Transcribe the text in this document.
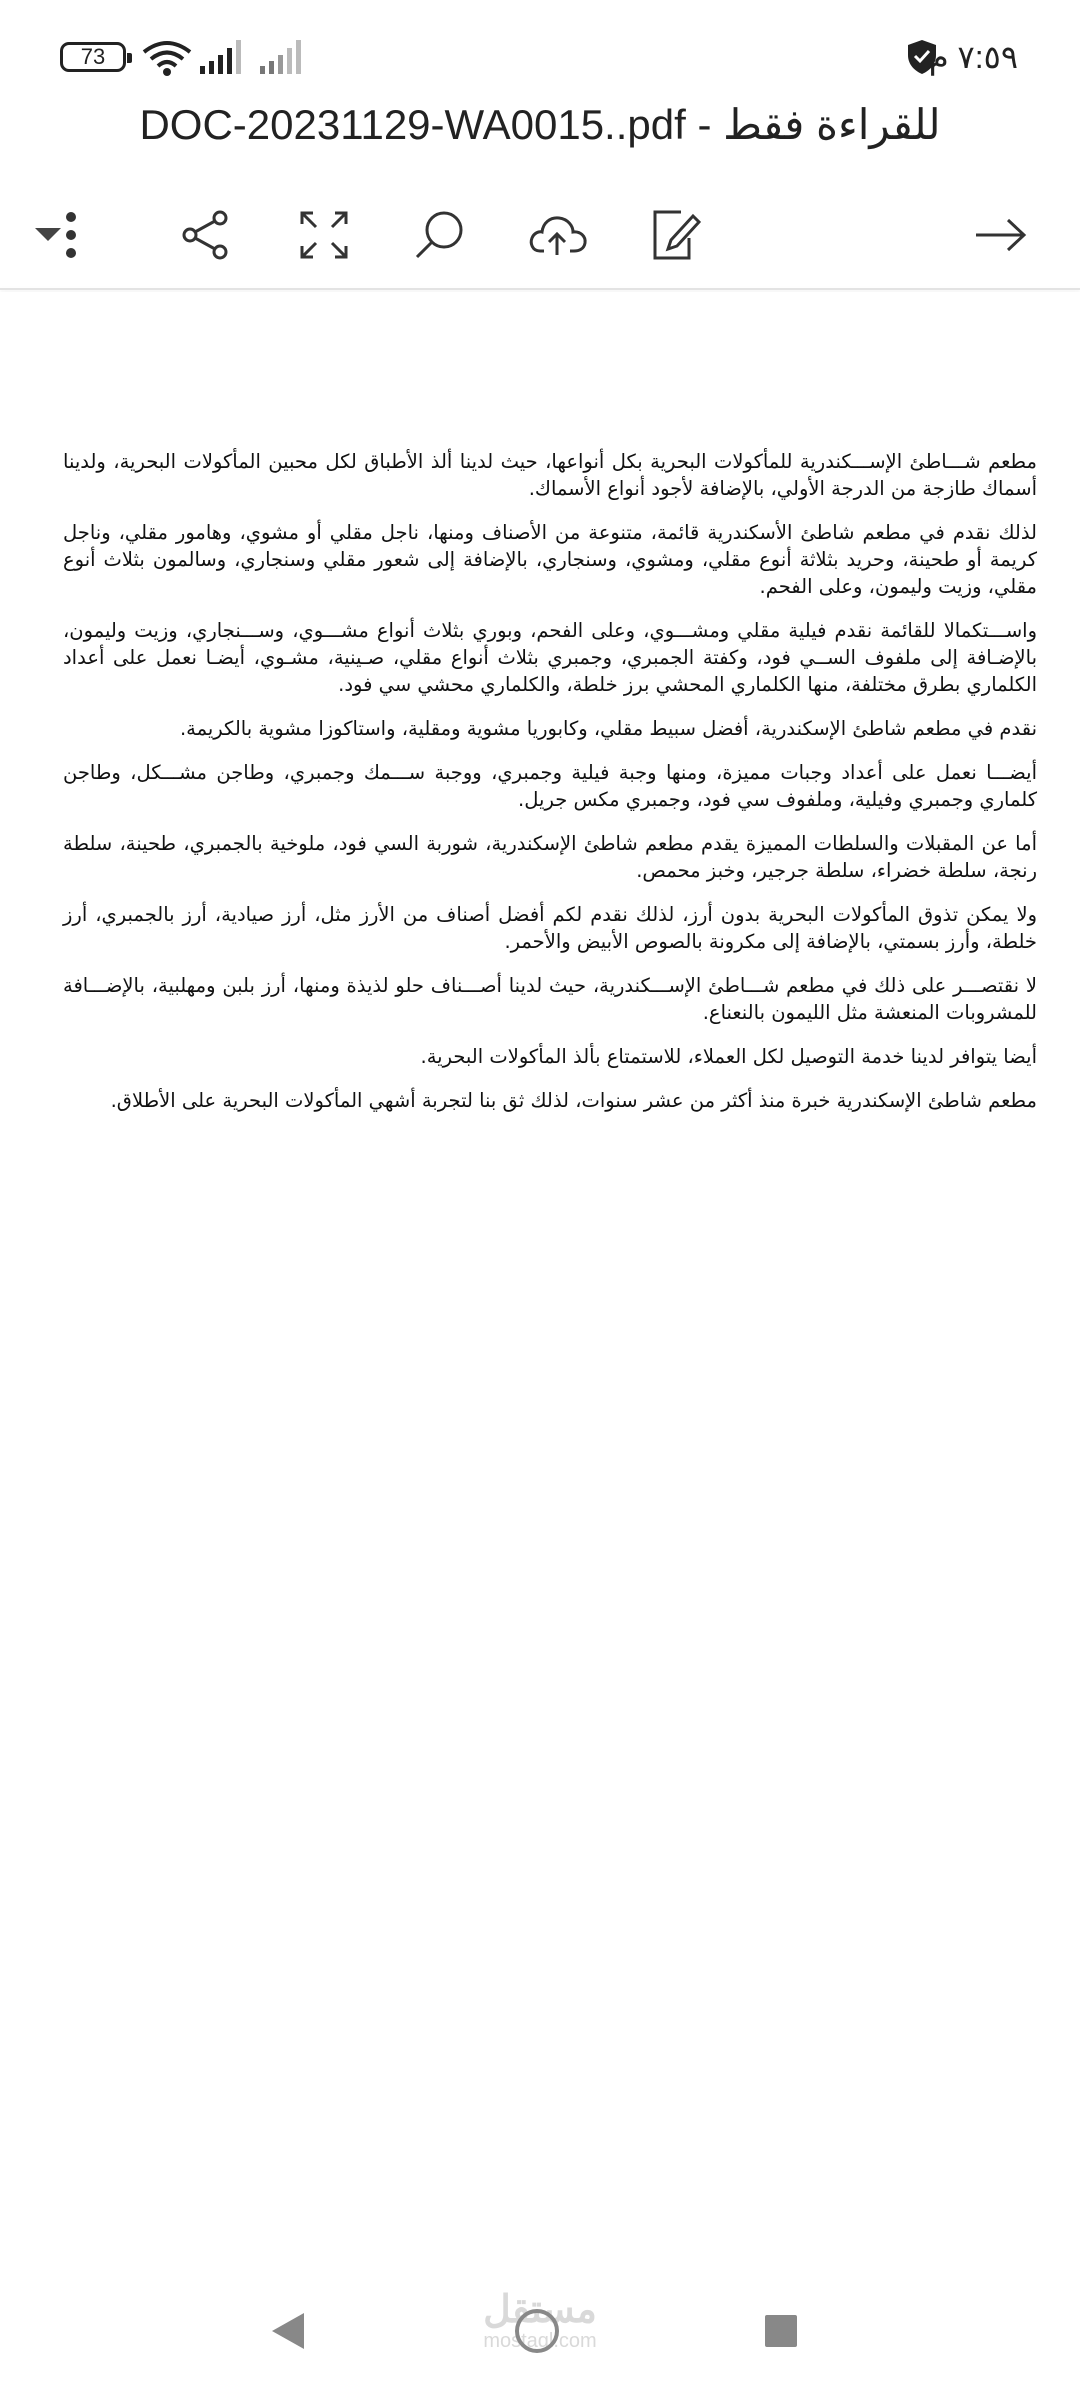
73	٧:٥٩ م
DOC-20231129-WA0015..pdf - للقراءة فقط

مطعم شـــاطئ الإســـكندرية للمأكولات البحرية بكل أنواعها، حيث لدينا ألذ الأطباق لكل محبين المأكولات البحرية، ولدينا أسماك طازجة من الدرجة الأولي، بالإضافة لأجود أنواع الأسماك.

لذلك نقدم في مطعم شاطئ الأسكندرية قائمة، متنوعة من الأصناف ومنها، ناجل مقلي أو مشوي، وهامور مقلي، وناجل كريمة أو طحينة، وحريد بثلاثة أنوع مقلي، ومشوي، وسنجاري، بالإضافة إلى شعور مقلي وسنجاري، وسالمون بثلاث أنوع مقلي، وزيت وليمون، وعلى الفحم.

واســـتكمالا للقائمة نقدم فيلية مقلي ومشـــوي، وعلى الفحم، وبوري بثلاث أنواع مشـــوي، وســـنجاري، وزيت وليمون، بالإضـافة إلى ملفوف الســي فود، وكفتة الجمبري، وجمبري بثلاث أنواع مقلي، صـينية، مشـوي، أيضـا نعمل على أعداد الكلماري بطرق مختلفة، منها الكلماري المحشي برز خلطة، والكلماري محشي سي فود.

نقدم في مطعم شاطئ الإسكندرية، أفضل سبيط مقلي، وكابوريا مشوية ومقلية، واستاكوزا مشوية بالكريمة.

أيضـــا نعمل على أعداد وجبات مميزة، ومنها وجبة فيلية وجمبري، ووجبة ســـمك وجمبري، وطاجن مشـــكل، وطاجن كلماري وجمبري وفيلية، وملفوف سي فود، وجمبري مكس جريل.

أما عن المقبلات والسلطات المميزة يقدم مطعم شاطئ الإسكندرية، شوربة السي فود، ملوخية بالجمبري، طحينة، سلطة رنجة، سلطة خضراء، سلطة جرجير، وخبز محمص.

ولا يمكن تذوق المأكولات البحرية بدون أرز، لذلك نقدم لكم أفضل أصناف من الأرز مثل، أرز صيادية، أرز بالجمبري، أرز خلطة، وأرز بسمتي، بالإضافة إلى مكرونة بالصوص الأبيض والأحمر.

لا نقتصـــر على ذلك في مطعم شـــاطئ الإســـكندرية، حيث لدينا أصـــناف حلو لذيذة ومنها، أرز بلبن ومهلبية، بالإضـــافة للمشروبات المنعشة مثل الليمون بالنعناع.

أيضا يتوافر لدينا خدمة التوصيل لكل العملاء، للاستمتاع بألذ المأكولات البحرية.

مطعم شاطئ الإسكندرية خبرة منذ أكثر من عشر سنوات، لذلك ثق بنا لتجربة أشهي المأكولات البحرية على الأطلاق.

مستقل
mostaql.com
